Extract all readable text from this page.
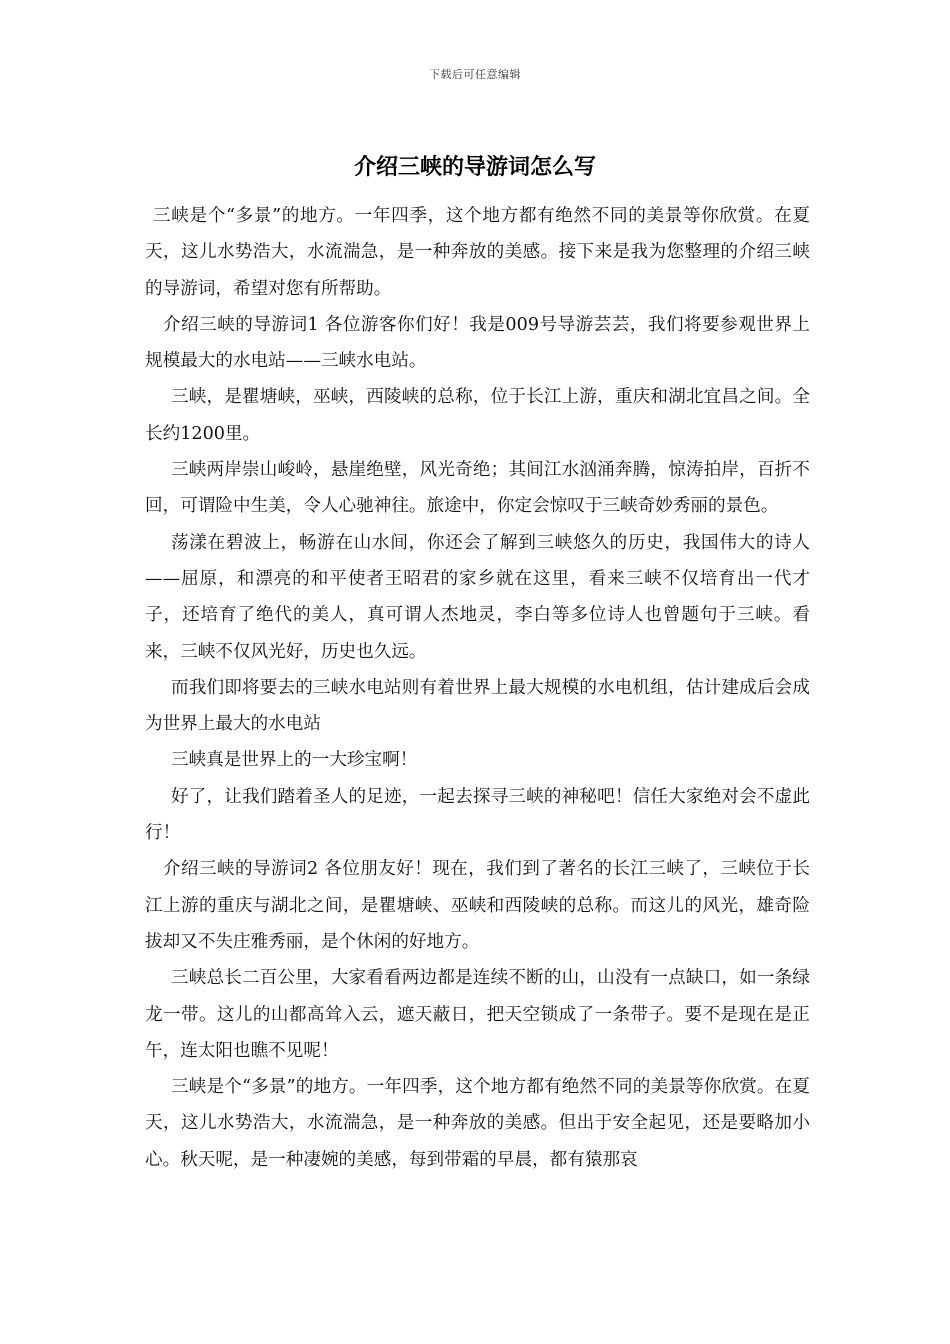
下载后可任意编辑
介绍三峡的导游词怎么写

三峡是个“多景”的地方。一年四季，这个地方都有绝然不同的美景等你欣赏。在夏天，这儿水势浩大，水流湍急，是一种奔放的美感。接下来是我为您整理的介绍三峡的导游词，希望对您有所帮助。

介绍三峡的导游词1 各位游客你们好！我是009号导游芸芸，我们将要参观世界上规模最大的水电站——三峡水电站。

三峡，是瞿塘峡，巫峡，西陵峡的总称，位于长江上游，重庆和湖北宜昌之间。全长约1200里。

三峡两岸崇山峻岭，悬崖绝壁，风光奇绝；其间江水汹涌奔腾，惊涛拍岸，百折不回，可谓险中生美，令人心驰神往。旅途中，你定会惊叹于三峡奇妙秀丽的景色。

荡漾在碧波上，畅游在山水间，你还会了解到三峡悠久的历史，我国伟大的诗人——屈原，和漂亮的和平使者王昭君的家乡就在这里，看来三峡不仅培育出一代才子，还培育了绝代的美人，真可谓人杰地灵，李白等多位诗人也曾题句于三峡。看来，三峡不仅风光好，历史也久远。

而我们即将要去的三峡水电站则有着世界上最大规模的水电机组，估计建成后会成为世界上最大的水电站

三峡真是世界上的一大珍宝啊！

好了，让我们踏着圣人的足迹，一起去探寻三峡的神秘吧！信任大家绝对会不虚此行！

介绍三峡的导游词2 各位朋友好！现在，我们到了著名的长江三峡了，三峡位于长江上游的重庆与湖北之间，是瞿塘峡、巫峡和西陵峡的总称。而这儿的风光，雄奇险拔却又不失庄雅秀丽，是个休闲的好地方。

三峡总长二百公里，大家看看两边都是连续不断的山，山没有一点缺口，如一条绿龙一带。这儿的山都高耸入云，遮天蔽日，把天空锁成了一条带子。要不是现在是正午，连太阳也瞧不见呢！

三峡是个“多景”的地方。一年四季，这个地方都有绝然不同的美景等你欣赏。在夏天，这儿水势浩大，水流湍急，是一种奔放的美感。但出于安全起见，还是要略加小心。秋天呢，是一种凄婉的美感，每到带霜的早晨，都有猿那哀
